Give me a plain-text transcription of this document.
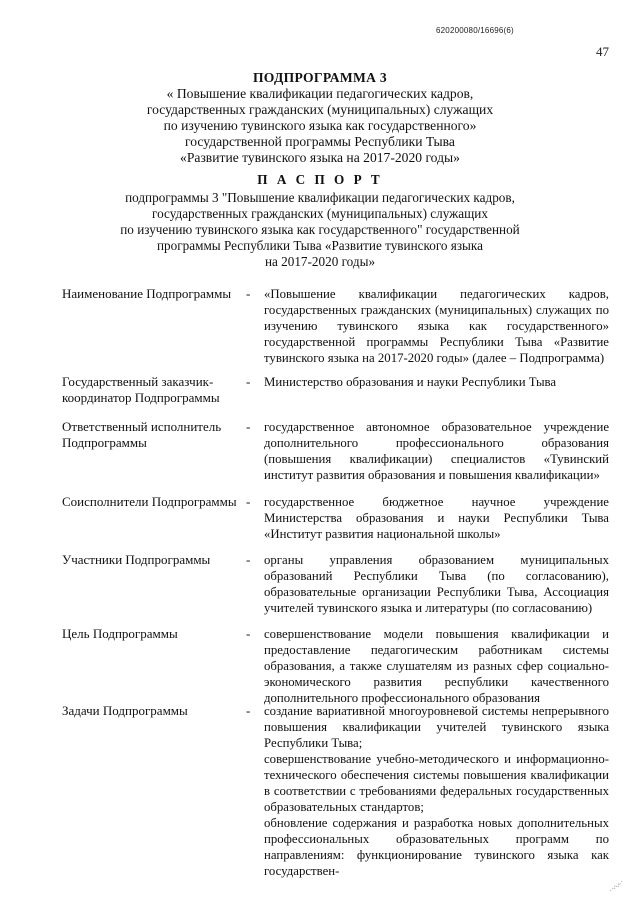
620200080/16696(6)
47
ПОДПРОГРАММА 3
« Повышение квалификации педагогических кадров,
государственных гражданских (муниципальных) служащих
по изучению тувинского языка как государственного»
государственной программы Республики Тыва
«Развитие тувинского языка на 2017-2020 годы»
П А С П О Р Т
подпрограммы 3 "Повышение квалификации педагогических кадров,
государственных гражданских (муниципальных) служащих
по изучению тувинского языка как государственного" государственной
программы Республики Тыва «Развитие тувинского языка
на 2017-2020 годы»
Наименование Подпрограммы	-	«Повышение квалификации педагогических кадров, государственных гражданских (муниципальных) служащих по изучению тувинского языка как государственного» государственной программы Республики Тыва «Развитие тувинского языка на 2017-2020 годы» (далее – Подпрограмма)

Государственный заказчик-координатор Подпрограммы
-	Министерство образования и науки Республики Тыва

Ответственный исполнитель Подпрограммы
-	государственное автономное образовательное учреждение дополнительного профессионального образования (повышения квалификации) специалистов «Тувинский институт развития образования и повышения квалификации»

Соисполнители Подпрограммы -	государственное бюджетное научное учреждение Министерства образования и науки Республики Тыва «Институт развития национальной школы»

Участники Подпрограммы	-	органы управления образованием муниципальных образований Республики Тыва (по согласованию), образовательные организации Республики Тыва, Ассоциация учителей тувинского языка и литературы (по согласованию)

Цель Подпрограммы	-	совершенствование модели повышения квалификации и предоставление педагогическим работникам системы образования, а также слушателям из разных сфер социально-экономического развития республики качественного дополнительного профессионального образования

Задачи Подпрограммы	-	создание вариативной многоуровневой системы непрерывного повышения квалификации учителей тувинского языка Республики Тыва;

совершенствование учебно-методического и информационно-технического обеспечения системы повышения квалификации в соответствии с требованиями федеральных государственных образовательных стандартов;

обновление содержания и разработка новых дополнительных профессиональных образовательных программ по направлениям: функционирование тувинского языка как государствен-
